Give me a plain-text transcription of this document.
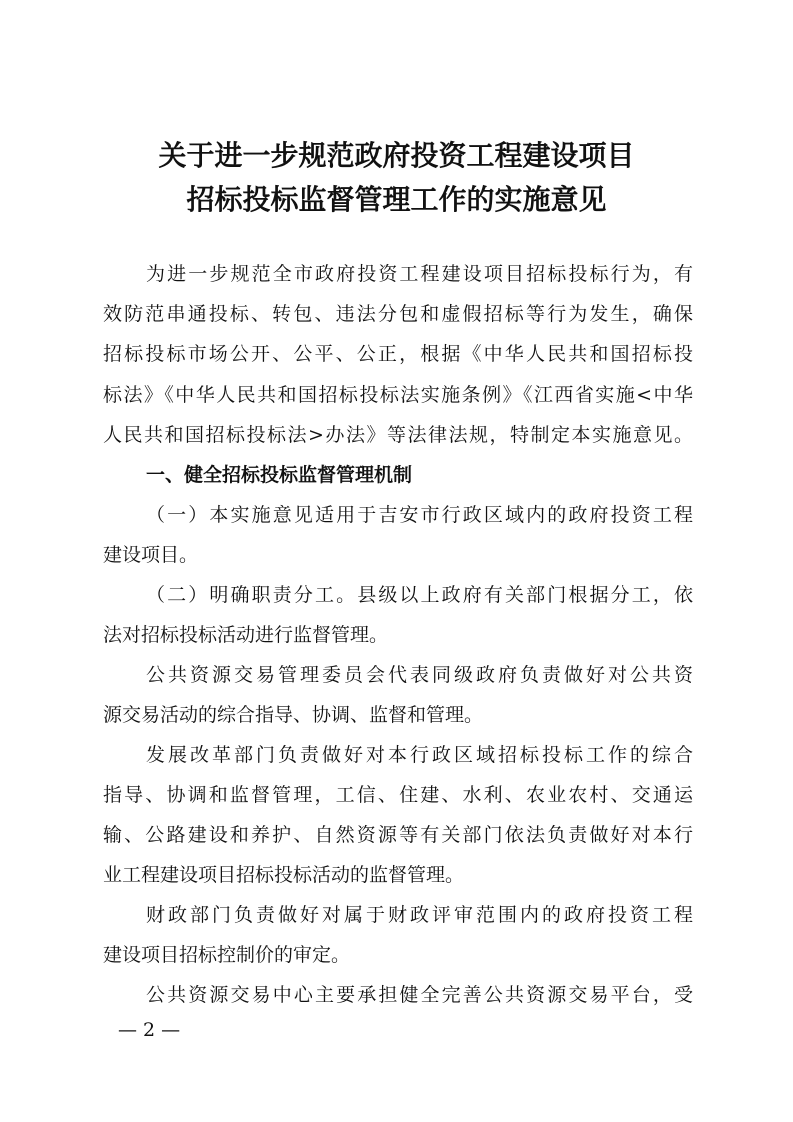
关于进一步规范政府投资工程建设项目
招标投标监督管理工作的实施意见
为进一步规范全市政府投资工程建设项目招标投标行为，有
效防范串通投标、转包、违法分包和虚假招标等行为发生，确保
招标投标市场公开、公平、公正，根据《中华人民共和国招标投
标法》《中华人民共和国招标投标法实施条例》《江西省实施<中华
人民共和国招标投标法>办法》等法律法规，特制定本实施意见。
一、健全招标投标监督管理机制
（一）本实施意见适用于吉安市行政区域内的政府投资工程
建设项目。
（二）明确职责分工。县级以上政府有关部门根据分工，依
法对招标投标活动进行监督管理。
公共资源交易管理委员会代表同级政府负责做好对公共资
源交易活动的综合指导、协调、监督和管理。
发展改革部门负责做好对本行政区域招标投标工作的综合
指导、协调和监督管理，工信、住建、水利、农业农村、交通运
输、公路建设和养护、自然资源等有关部门依法负责做好对本行
业工程建设项目招标投标活动的监督管理。
财政部门负责做好对属于财政评审范围内的政府投资工程
建设项目招标控制价的审定。
公共资源交易中心主要承担健全完善公共资源交易平台，受
— 2 —
